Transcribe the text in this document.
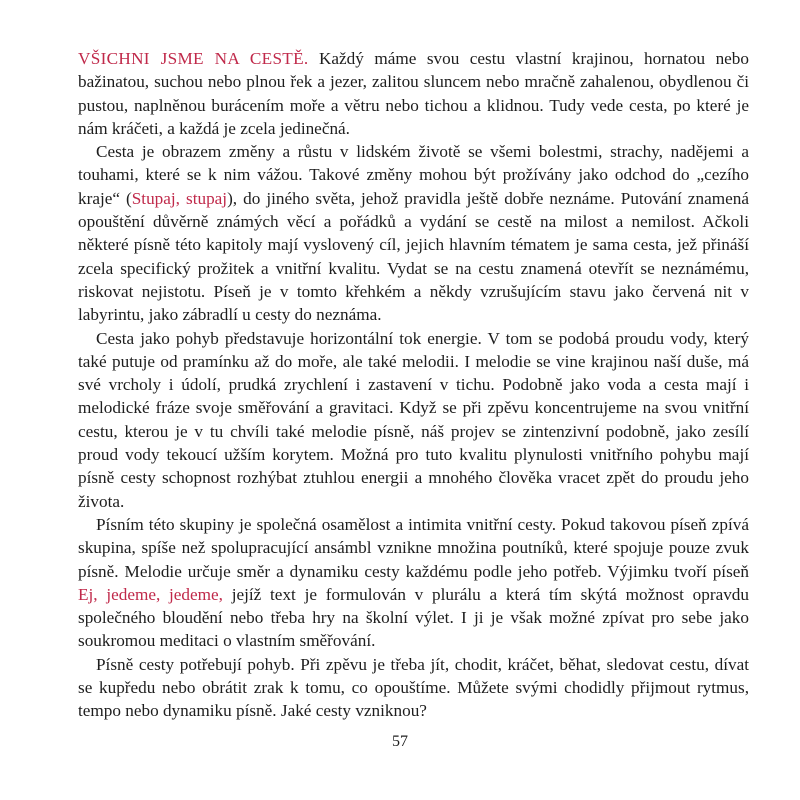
VŠICHNI JSME NA CESTĚ. Každý máme svou cestu vlastní krajinou, hornatou nebo bažinatou, suchou nebo plnou řek a jezer, zalitou sluncem nebo mračně zahalenou, obydlenou či pustou, naplněnou burácením moře a větru nebo tichou a klidnou. Tudy vede cesta, po které je nám kráčeti, a každá je zcela jedinečná.

Cesta je obrazem změny a růstu v lidském životě se všemi bolestmi, strachy, nadějemi a touhami, které se k nim vážou. Takové změny mohou být prožívány jako odchod do „cezího kraje“ (Stupaj, stupaj), do jiného světa, jehož pravidla ještě dobře neznáme. Putování znamená opouštění důvěrně známých věcí a pořádků a vydání se cestě na milost a nemilost. Ačkoli některé písně této kapitoly mají vyslovený cíl, jejich hlavním tématem je sama cesta, jež přináší zcela specifický prožitek a vnitřní kvalitu. Vydat se na cestu znamená otevřít se neznámému, riskovat nejistotu. Píseň je v tomto křehkém a někdy vzrušujícím stavu jako červená nit v labyrintu, jako zábradlí u cesty do neznáma.

Cesta jako pohyb představuje horizontální tok energie. V tom se podobá proudu vody, který také putuje od pramínku až do moře, ale také melodii. I melodie se vine krajinou naší duše, má své vrcholy i údolí, prudká zrychlení i zastavení v tichu. Podobně jako voda a cesta mají i melodické fráze svoje směřování a gravitaci. Když se při zpěvu koncentrujeme na svou vnitřní cestu, kterou je v tu chvíli také melodie písně, náš projev se zintenzivní podobně, jako zesílí proud vody tekoucí užším korytem. Možná pro tuto kvalitu plynulosti vnitřního pohybu mají písně cesty schopnost rozhýbat ztuhlou energii a mnohého člověka vracet zpět do proudu jeho života.

Písním této skupiny je společná osamělost a intimita vnitřní cesty. Pokud takovou píseň zpívá skupina, spíše než spolupracující ansámbl vznikne množina poutníků, které spojuje pouze zvuk písně. Melodie určuje směr a dynamiku cesty každému podle jeho potřeb. Výjimku tvoří píseň Ej, jedeme, jedeme, jejíž text je formulován v plurálu a která tím skýtá možnost opravdu společného bloudění nebo třeba hry na školní výlet. I ji je však možné zpívat pro sebe jako soukromou meditaci o vlastním směřování.

Písně cesty potřebují pohyb. Při zpěvu je třeba jít, chodit, kráčet, běhat, sledovat cestu, dívat se kupředu nebo obrátit zrak k tomu, co opouštíme. Můžete svými chodidly přijmout rytmus, tempo nebo dynamiku písně. Jaké cesty vzniknou?

57
